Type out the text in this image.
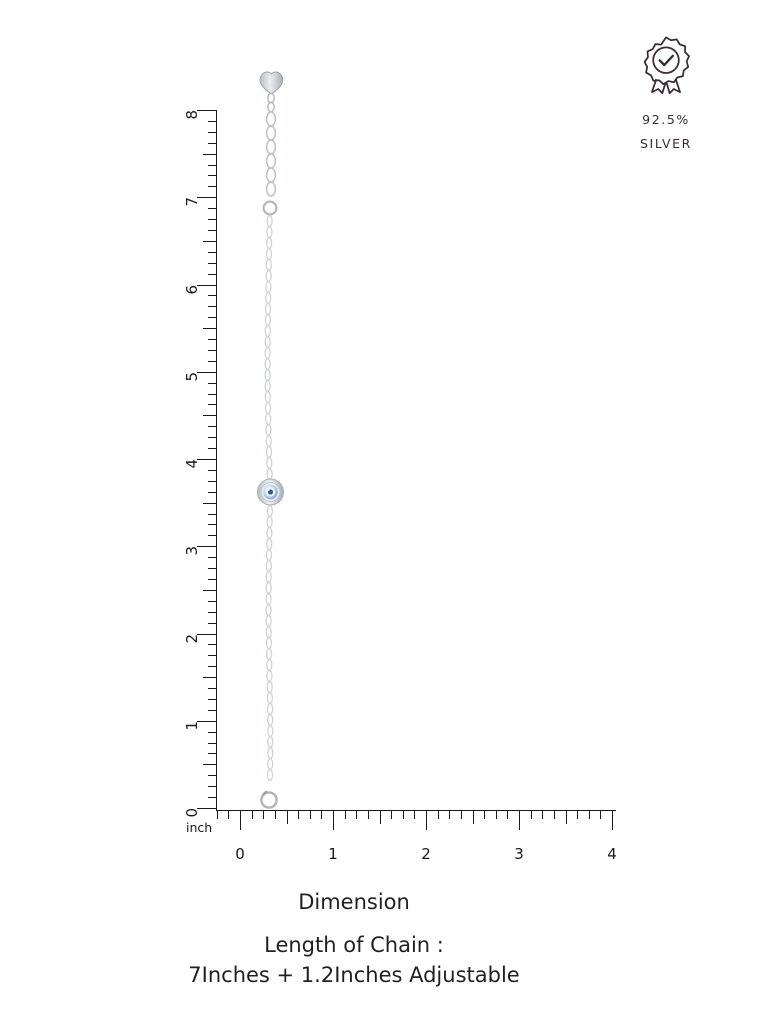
92.5%
SILVER
0
1
2
3
4
5
6
7
8
0	1	2	3	4
inch
Dimension
Length of Chain :
7Inches + 1.2Inches Adjustable
